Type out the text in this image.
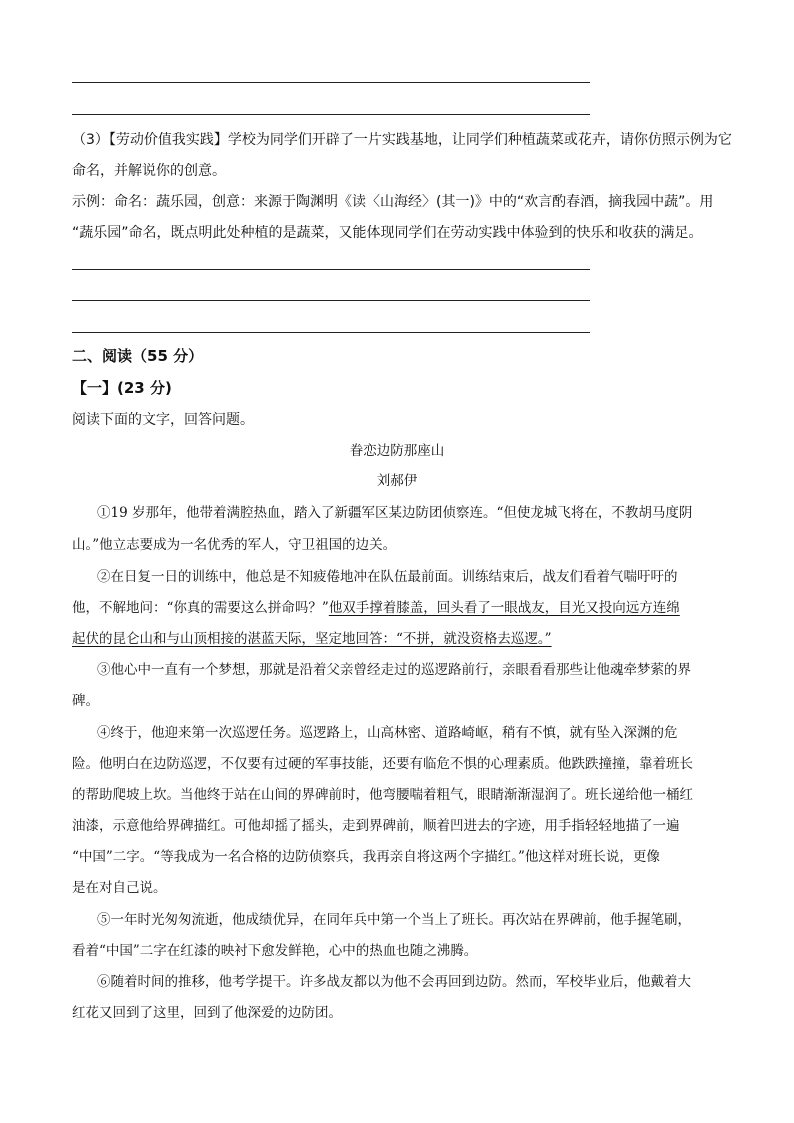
（3）【劳动价值我实践】学校为同学们开辟了一片实践基地，让同学们种植蔬菜或花卉，请你仿照示例为它
命名，并解说你的创意。
示例：命名：蔬乐园，创意：来源于陶渊明《读〈山海经〉(其一)》中的“欢言酌春酒，摘我园中蔬”。用
“蔬乐园”命名，既点明此处种植的是蔬菜，又能体现同学们在劳动实践中体验到的快乐和收获的满足。
二、阅读（55 分）
【一】(23 分)
阅读下面的文字，回答问题。
眷恋边防那座山
刘郝伊
①19 岁那年，他带着满腔热血，踏入了新疆军区某边防团侦察连。“但使龙城飞将在，不教胡马度阴
山。”他立志要成为一名优秀的军人，守卫祖国的边关。
②在日复一日的训练中，他总是不知疲倦地冲在队伍最前面。训练结束后，战友们看着气喘吁吁的
他，不解地问：“你真的需要这么拼命吗？”他双手撑着膝盖，回头看了一眼战友，目光又投向远方连绵
起伏的昆仑山和与山顶相接的湛蓝天际，坚定地回答：“不拼，就没资格去巡逻。”
③他心中一直有一个梦想，那就是沿着父亲曾经走过的巡逻路前行，亲眼看看那些让他魂牵梦萦的界
碑。
④终于，他迎来第一次巡逻任务。巡逻路上，山高林密、道路崎岖，稍有不慎，就有坠入深渊的危
险。他明白在边防巡逻，不仅要有过硬的军事技能，还要有临危不惧的心理素质。他跌跌撞撞，靠着班长
的帮助爬坡上坎。当他终于站在山间的界碑前时，他弯腰喘着粗气，眼睛渐渐湿润了。班长递给他一桶红
油漆，示意他给界碑描红。可他却摇了摇头，走到界碑前，顺着凹进去的字迹，用手指轻轻地描了一遍
“中国”二字。“等我成为一名合格的边防侦察兵，我再亲自将这两个字描红。”他这样对班长说，更像
是在对自己说。
⑤一年时光匆匆流逝，他成绩优异，在同年兵中第一个当上了班长。再次站在界碑前，他手握笔刷，
看着“中国”二字在红漆的映衬下愈发鲜艳，心中的热血也随之沸腾。
⑥随着时间的推移，他考学提干。许多战友都以为他不会再回到边防。然而，军校毕业后，他戴着大
红花又回到了这里，回到了他深爱的边防团。
